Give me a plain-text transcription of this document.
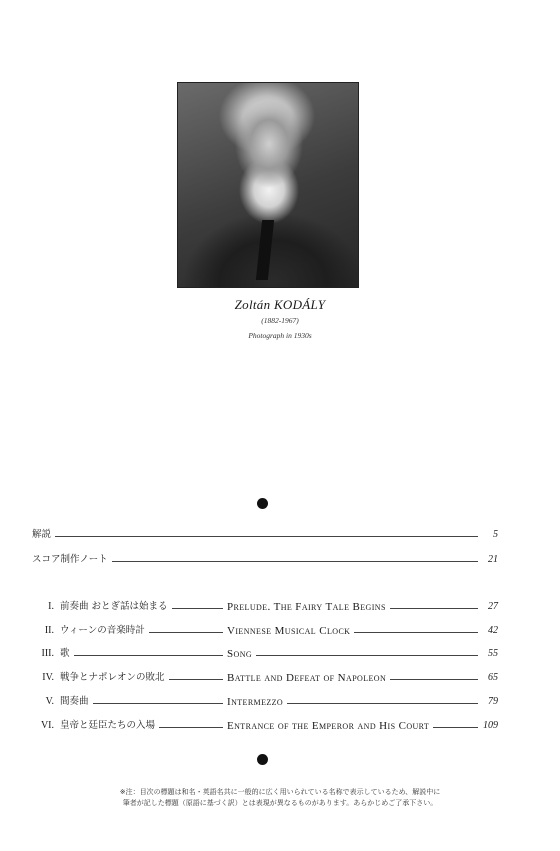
Zoltán KODÁLY
(1882-1967)
Photograph in 1930s
解説	5
スコア制作ノート	21
I. 前奏曲 おとぎ話は始まる	Prelude. The Fairy Tale Begins	27
II. ウィーンの音楽時計	Viennese Musical Clock	42
III. 歌	Song	55
IV. 戦争とナポレオンの敗北	Battle and Defeat of Napoleon	65
V. 間奏曲	Intermezzo	79
VI. 皇帝と廷臣たちの入場	Entrance of the Emperor and His Court	109
※注：目次の標題は和名・英語名共に一般的に広く用いられている名称で表示しているため、解説中に
筆者が記した標題（原語に基づく訳）とは表現が異なるものがあります。あらかじめご了承下さい。
